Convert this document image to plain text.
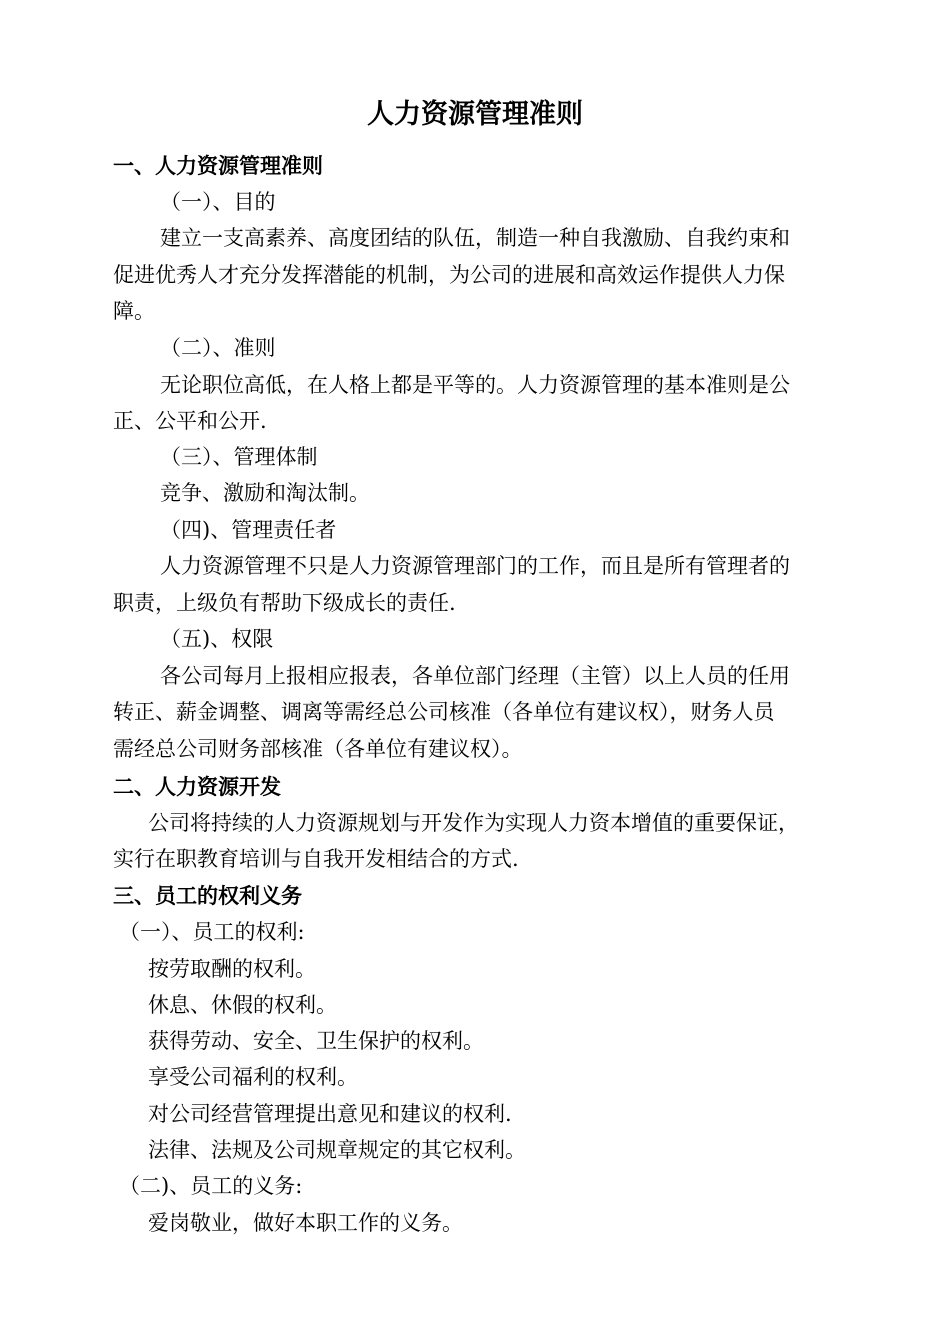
人力资源管理准则
一、人力资源管理准则
（一）、目的
建立一支高素养、高度团结的队伍，制造一种自我激励、自我约束和
促进优秀人才充分发挥潜能的机制，为公司的进展和高效运作提供人力保
障。
（二）、准则
无论职位高低，在人格上都是平等的。人力资源管理的基本准则是公
正、公平和公开.
（三）、管理体制
竞争、激励和淘汰制。
（四)、管理责任者
人力资源管理不只是人力资源管理部门的工作，而且是所有管理者的
职责，上级负有帮助下级成长的责任.
（五)、权限
各公司每月上报相应报表，各单位部门经理（主管）以上人员的任用
转正、薪金调整、调离等需经总公司核准（各单位有建议权），财务人员
需经总公司财务部核准（各单位有建议权）。
二、人力资源开发
公司将持续的人力资源规划与开发作为实现人力资本增值的重要保证，
实行在职教育培训与自我开发相结合的方式.
三、员工的权利义务
（一）、员工的权利:
按劳取酬的权利。
休息、休假的权利。
获得劳动、安全、卫生保护的权利。
享受公司福利的权利。
对公司经营管理提出意见和建议的权利.
法律、法规及公司规章规定的其它权利。
（二)、员工的义务:
爱岗敬业，做好本职工作的义务。
